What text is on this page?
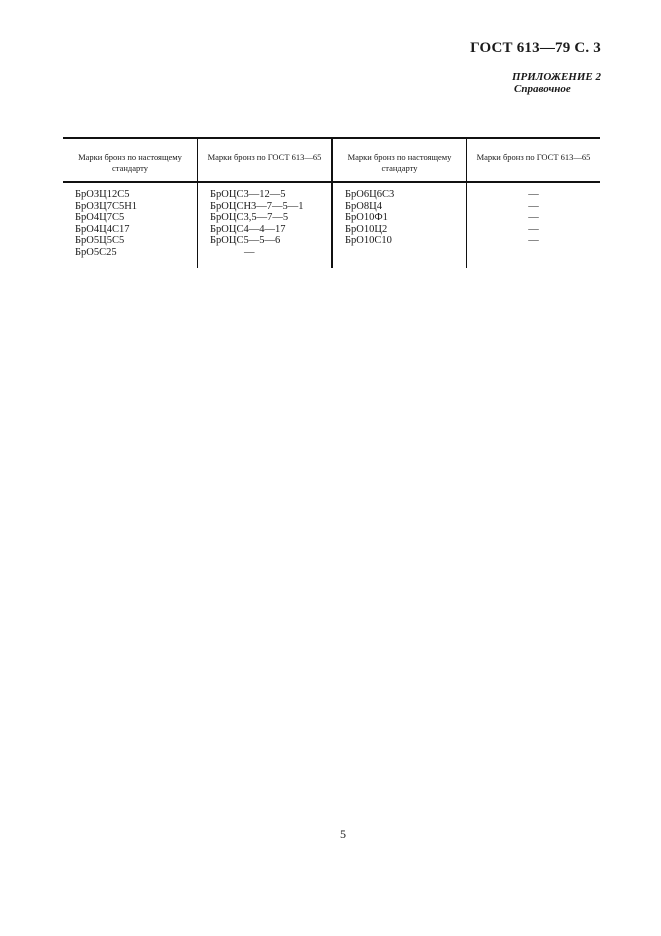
ГОСТ 613—79 С. 3
ПРИЛОЖЕНИЕ 2
Справочное
Марки бронз по настоящему стандарту
Марки бронз по ГОСТ 613—65	Марки бронз по настоящему стандарту
Марки бронз по ГОСТ 613—65
БрОЗЦ12С5
БрОЗЦ7С5Н1
БрО4Ц7С5
БрО4Ц4С17
БрО5Ц5С5
БрО5С25
БрОЦС3—12—5
БрОЦСН3—7—5—1
БрОЦС3,5—7—5
БрОЦС4—4—17
БрОЦС5—5—6
—
БрО6Ц6С3
БрО8Ц4
БрО10Ф1
БрО10Ц2
БрО10С10
—
—
—
—
—
5
